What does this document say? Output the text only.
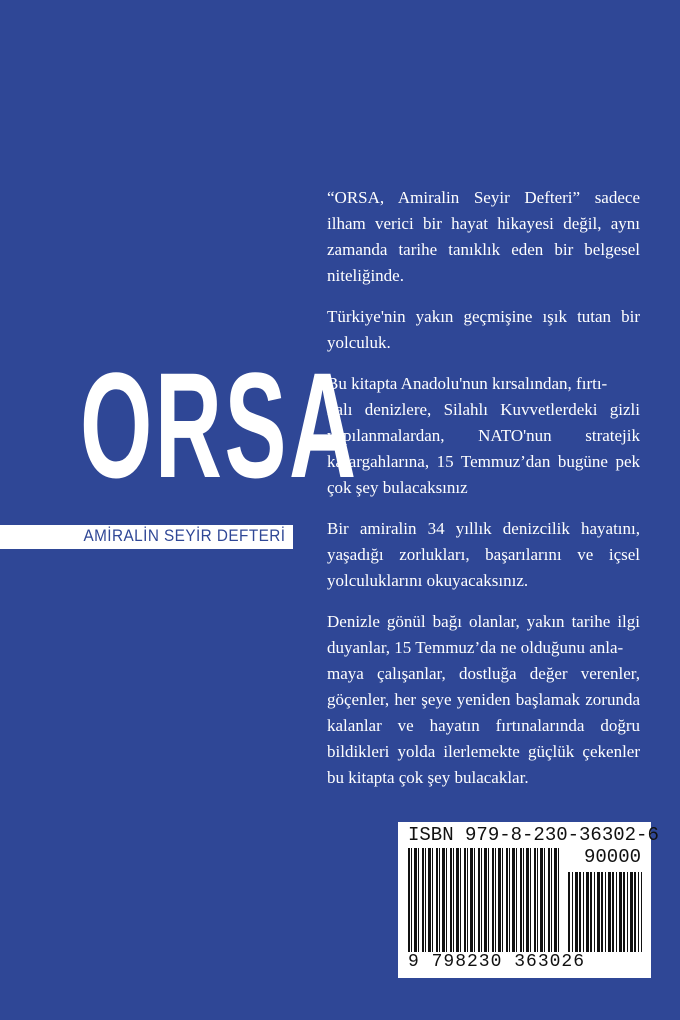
ORSA
AMİRALİN SEYİR DEFTERİ

“ORSA, Amiralin Seyir Defteri” sadece ilham verici bir hayat hikayesi değil, aynı zamanda tarihe tanıklık eden bir belgesel niteliğinde.

Türkiye'nin yakın geçmişine ışık tutan bir yolculuk.

Bu kitapta Anadolu'nun kırsalından, fırtı-
nalı denizlere, Silahlı Kuvvetlerdeki gizli yapılanmalardan, NATO'nun stratejik karargahlarına, 15 Temmuz’dan bugüne pek çok şey bulacaksınız

Bir amiralin 34 yıllık denizcilik hayatını, yaşadığı zorlukları, başarılarını ve içsel yolculuklarını okuyacaksınız.

Denizle gönül bağı olanlar, yakın tarihe ilgi duyanlar, 15 Temmuz’da ne olduğunu anla-
maya çalışanlar, dostluğa değer verenler, göçenler, her şeye yeniden başlamak zorunda kalanlar ve hayatın fırtınalarında doğru bildikleri yolda ilerlemekte güçlük çekenler bu kitapta çok şey bulacaklar.

ISBN 979-8-230-36302-6
90000
9 798230 363026
